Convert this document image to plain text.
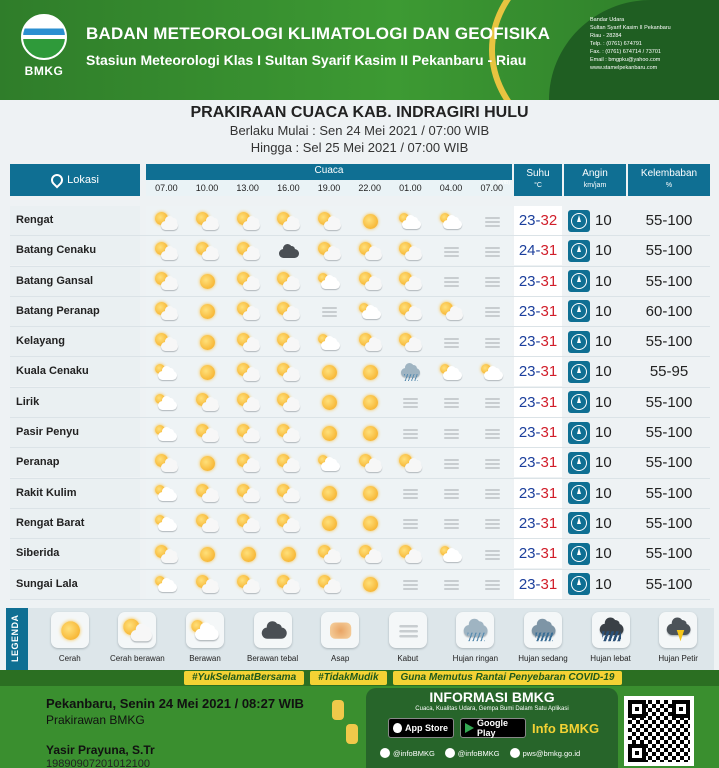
BMKG
BADAN METEOROLOGI KLIMATOLOGI DAN GEOFISIKA
Stasiun Meteorologi Klas I Sultan Syarif Kasim II Pekanbaru - Riau
Bandar Udara
Sultan Syarif Kasim II Pekanbaru
Riau - 28284
Telp. : (0761) 674791
Fax. : (0761) 674714 / 73701
Email : bmgpku@yahoo.com
www.stamelpekanbaru.com
PRAKIRAAN CUACA KAB. INDRAGIRI HULU
Berlaku Mulai : Sen 24 Mei 2021 / 07:00 WIB
Hingga : Sel 25 Mei 2021 / 07:00 WIB
Lokasi
Cuaca
07.00	10.00	13.00	16.00	19.00	22.00	01.00	04.00	07.00
(WIB)
Suhu
°C
Angin
km/jam
Kelembaban
%
Rengat	23-32	10	55-100
Batang Cenaku	24-31	10	55-100
Batang Gansal	23-31	10	55-100
Batang Peranap	23-31	10	60-100
Kelayang	23-31	10	55-100
Kuala Cenaku	23-31	10	55-95
Lirik	23-31	10	55-100
Pasir Penyu	23-31	10	55-100
Peranap	23-31	10	55-100
Rakit Kulim	23-31	10	55-100
Rengat Barat	23-31	10	55-100
Siberida	23-31	10	55-100
Sungai Lala	23-31	10	55-100
LEGENDA	Cerah	Cerah berawan	Berawan	Berawan tebal	Asap	Kabut	Hujan ringan	Hujan sedang	Hujan lebat	Hujan Petir
#YukSelamatBersama	#TidakMudik	Guna Memutus Rantai Penyebaran COVID-19
Pekanbaru, Senin 24 Mei 2021 / 08:27 WIB
Prakirawan BMKG
Yasir Prayuna, S.Tr
19890907201012100
INFORMASI BMKG
Cuaca, Kualitas Udara, Gempa Bumi Dalam Satu Aplikasi
App Store	Google Play	Info BMKG
@infoBMKG	@infoBMKG	pws@bmkg.go.id
